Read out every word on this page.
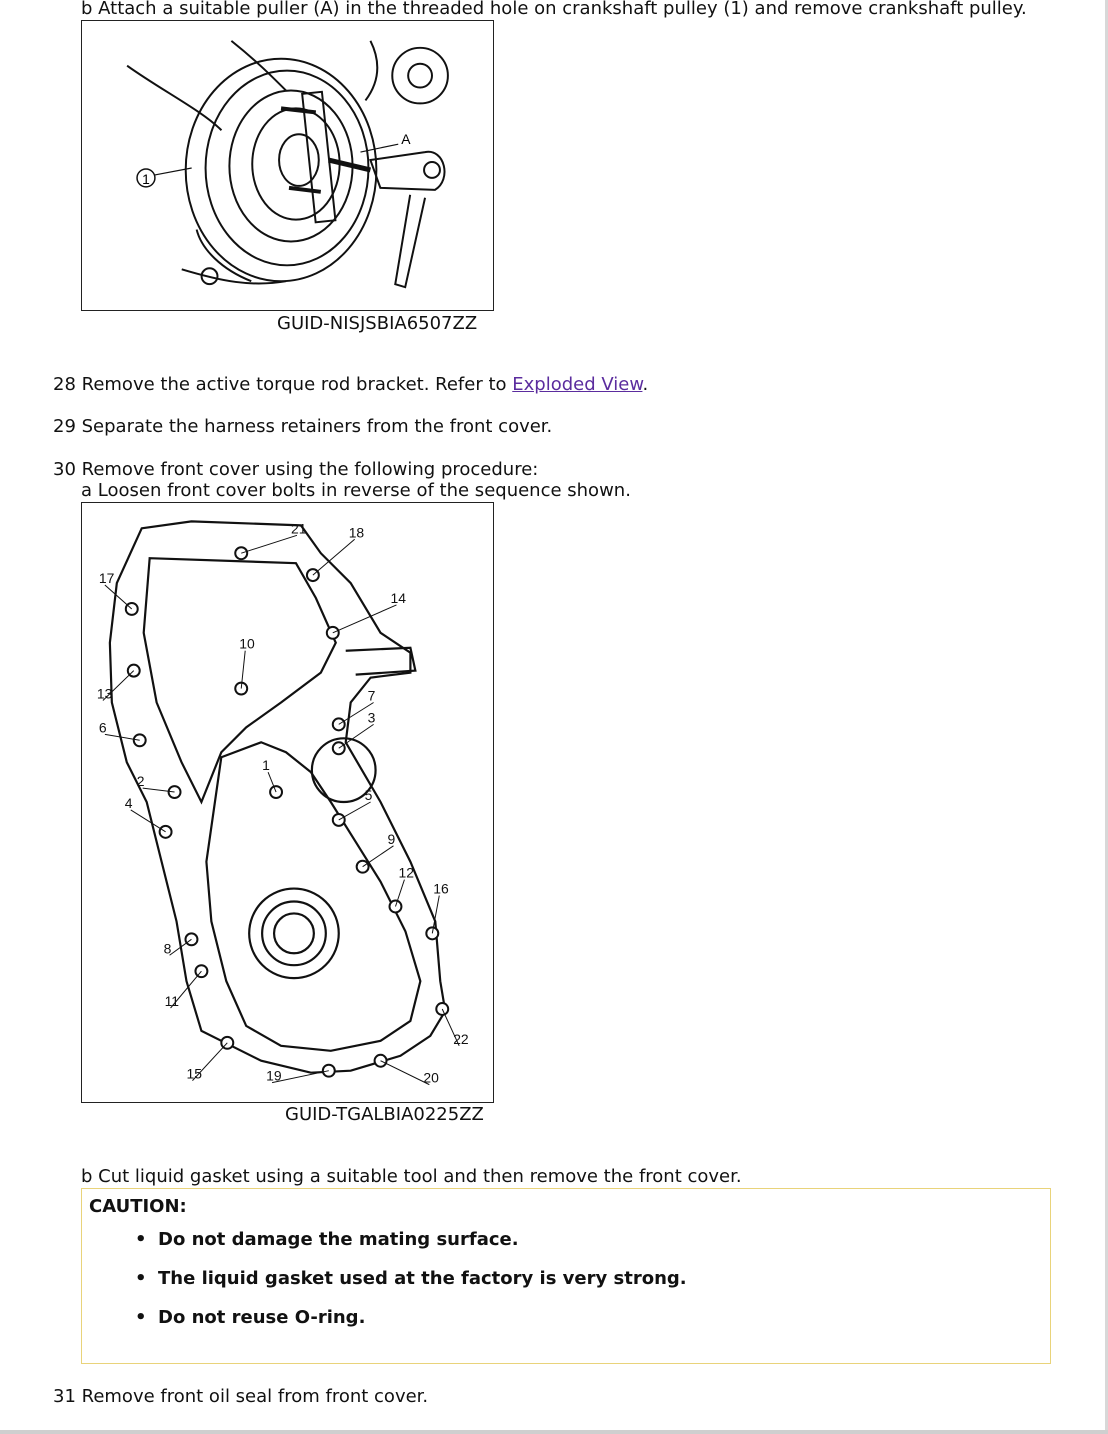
b Attach a suitable puller (A) in the threaded hole on crankshaft pulley (1) and remove crankshaft pulley.
1
A
GUID-NISJSBIA6507ZZ
28 Remove the active torque rod bracket. Refer to Exploded View.
29 Separate the harness retainers from the front cover.
30 Remove front cover using the following procedure:
a Loosen front cover bolts in reverse of the sequence shown.
21	18
17
14
10
13	7
3
6
1
2
4	5
9
12
16
8
11
22
15	19	20
GUID-TGALBIA0225ZZ
b Cut liquid gasket using a suitable tool and then remove the front cover.
CAUTION:
• Do not damage the mating surface.
• The liquid gasket used at the factory is very strong.
• Do not reuse O-ring.
31 Remove front oil seal from front cover.
